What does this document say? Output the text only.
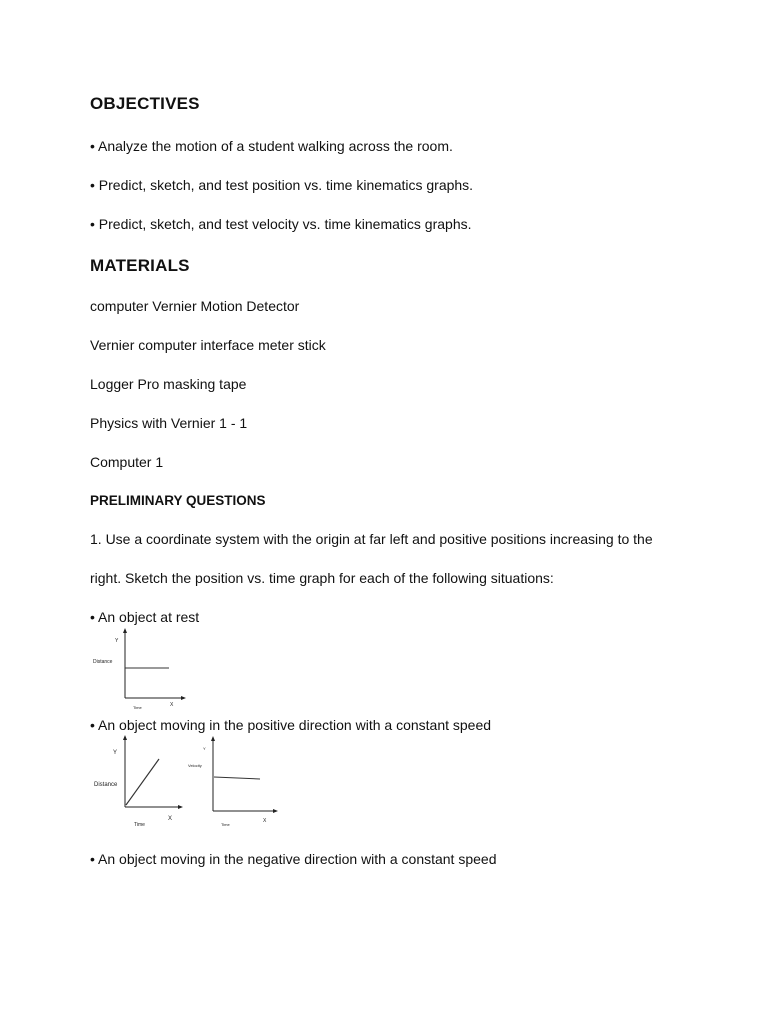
OBJECTIVES
• Analyze the motion of a student walking across the room.
• Predict, sketch, and test position vs. time kinematics graphs.
• Predict, sketch, and test velocity vs. time kinematics graphs.
MATERIALS
computer Vernier Motion Detector
Vernier computer interface meter stick
Logger Pro masking tape
Physics with Vernier 1 - 1
Computer 1
PRELIMINARY QUESTIONS
1. Use a coordinate system with the origin at far left and positive positions increasing to the
right. Sketch the position vs. time graph for each of the following situations:
• An object at rest
Y
Distance
X
Time
• An object moving in the positive direction with a constant speed
Y
Distance
X
Time
Y
Velocity
X
Time
• An object moving in the negative direction with a constant speed
